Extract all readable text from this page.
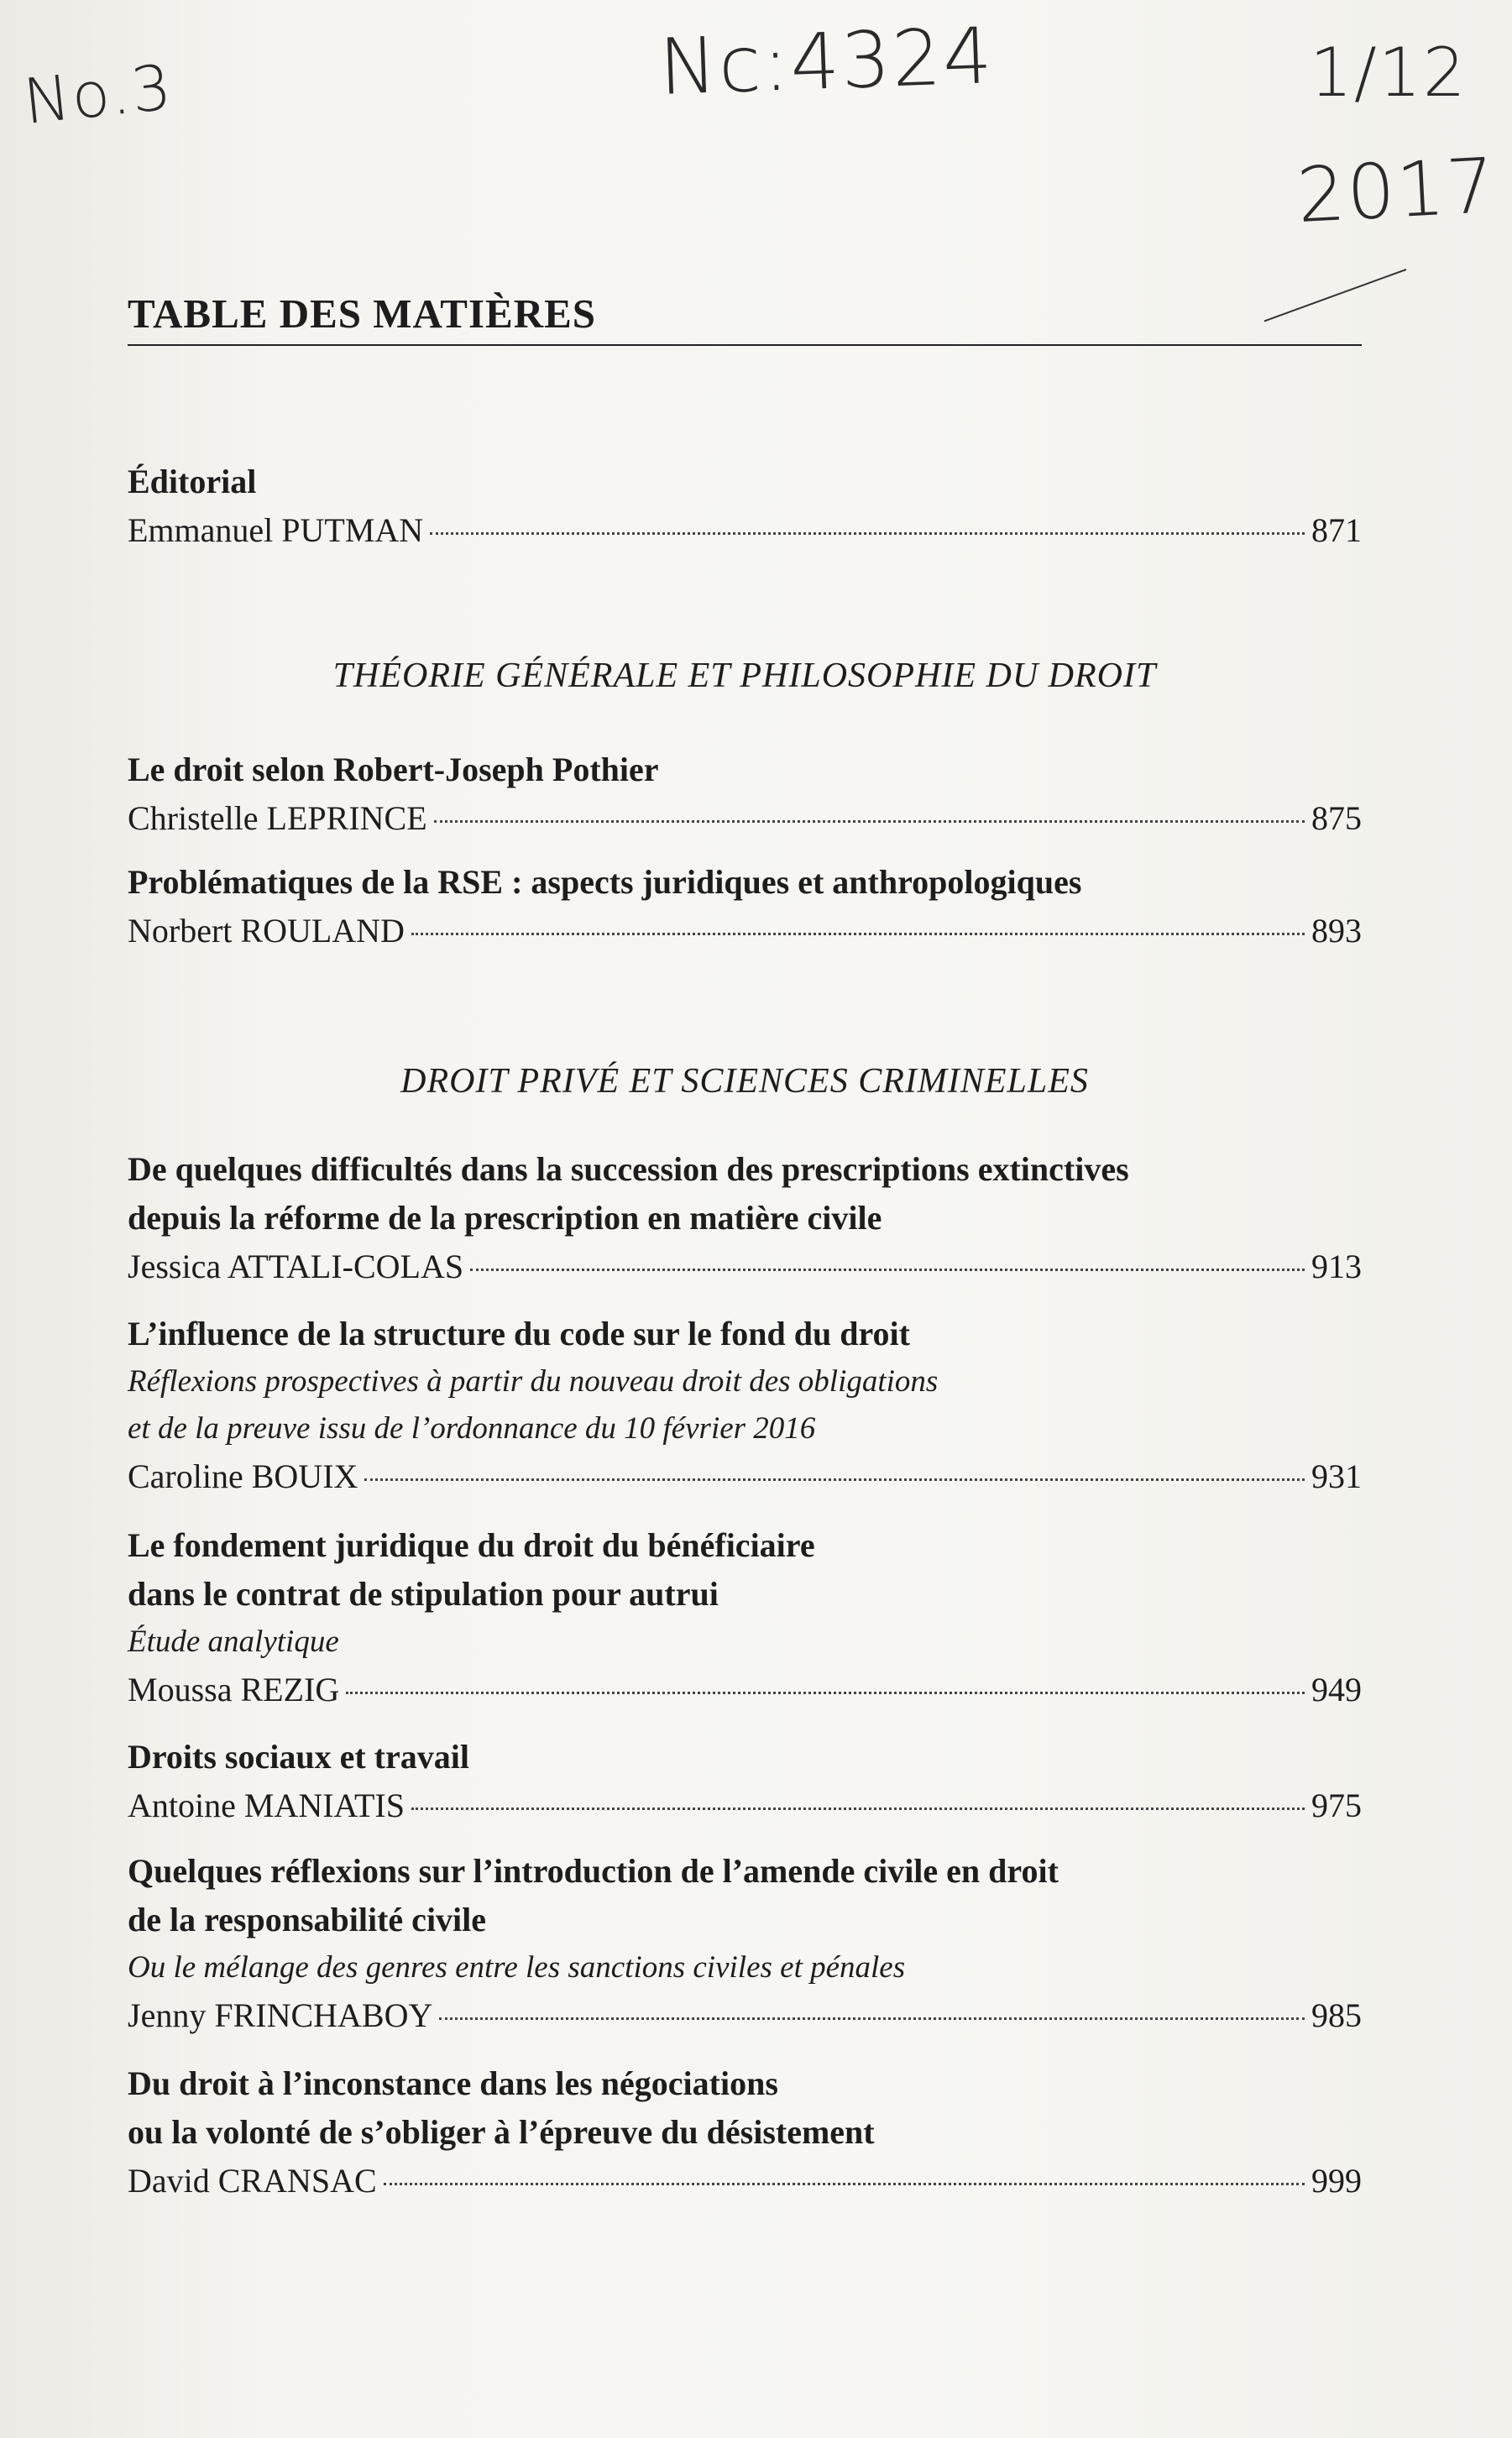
No.3	Nc:4324	1/12
2017
TABLE DES MATIÈRES
Éditorial
Emmanuel PUTMAN	871
THÉORIE GÉNÉRALE ET PHILOSOPHIE DU DROIT
Le droit selon Robert-Joseph Pothier
Christelle LEPRINCE	875
Problématiques de la RSE : aspects juridiques et anthropologiques
Norbert ROULAND	893
DROIT PRIVÉ ET SCIENCES CRIMINELLES
De quelques difficultés dans la succession des prescriptions extinctives
depuis la réforme de la prescription en matière civile
Jessica ATTALI-COLAS	913
L’influence de la structure du code sur le fond du droit
Réflexions prospectives à partir du nouveau droit des obligations
et de la preuve issu de l’ordonnance du 10 février 2016
Caroline BOUIX	931
Le fondement juridique du droit du bénéficiaire
dans le contrat de stipulation pour autrui
Étude analytique
Moussa REZIG	949
Droits sociaux et travail
Antoine MANIATIS	975
Quelques réflexions sur l’introduction de l’amende civile en droit
de la responsabilité civile
Ou le mélange des genres entre les sanctions civiles et pénales
Jenny FRINCHABOY	985
Du droit à l’inconstance dans les négociations
ou la volonté de s’obliger à l’épreuve du désistement
David CRANSAC	999
